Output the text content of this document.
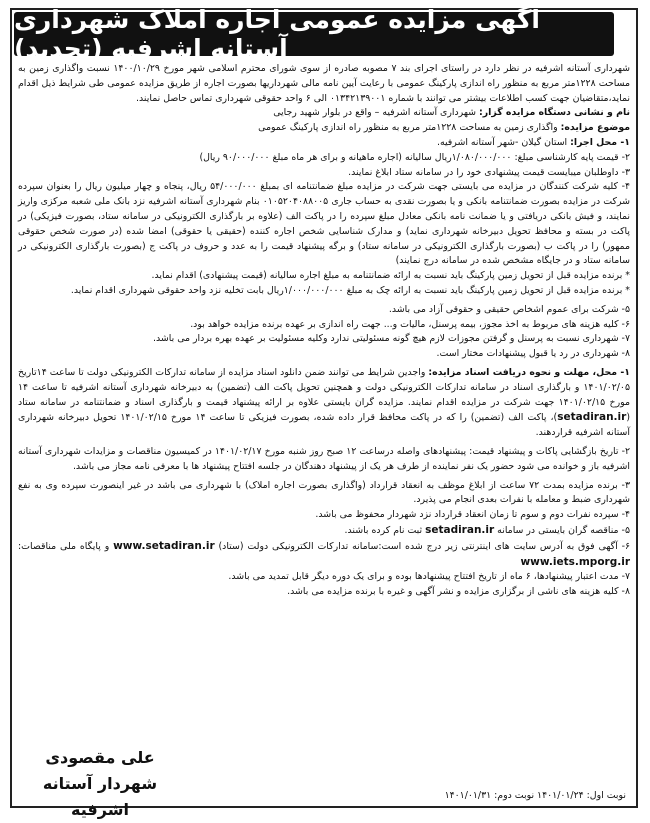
آگهی مزایده عمومی اجاره املاک شهرداری آستانه اشرفیه (تجدید)

شهرداری آستانه اشرفیه در نظر دارد در راستای اجرای بند ۷ مصوبه صادره از سوی شورای محترم اسلامی شهر مورخ ۱۴۰۰/۱۰/۲۹ نسبت واگذاری زمین به مساحت ۱۲۲۸متر مربع به منظور راه اندازی پارکینگ عمومی با رعایت آیین نامه مالی شهرداریها بصورت اجاره از طریق مزایده عمومی طی شرایط ذیل اقدام نماید،متقاضیان جهت کسب اطلاعات بیشتر می توانند با شماره ۰۱۳۴۲۱۳۹۰۰۱ الی ۶ واحد حقوقی شهرداری تماس حاصل نمایند.

نام و نشانی دستگاه مزایده گزار: شهرداری آستانه اشرفیه – واقع در بلوار شهید رجایی

موضوع مزایده: واگذاری زمین به مساحت ۱۲۲۸متر مربع به منظور راه اندازی پارکینگ عمومی

۱- محل اجرا: استان گیلان -شهر آستانه اشرفیه.

۲- قیمت پایه کارشناسی مبلغ: ۱/۰۸۰/۰۰۰/۰۰۰ریال سالیانه (اجاره ماهیانه و برای هر ماه مبلغ ۹۰/۰۰۰/۰۰۰ ریال)

۳- داوطلبان میبایست قیمت پیشنهادی خود را در سامانه ستاد ابلاغ نمایند.

۴- کلیه شرکت کنندگان در مزایده می بایستی جهت شرکت در مزایده مبلغ ضمانتنامه ای بمبلغ ۵۴/۰۰۰/۰۰۰ ریال، پنجاه و چهار میلیون ریال را بعنوان سپرده شرکت در مزایده بصورت ضمانتنامه بانکی و یا بصورت نقدی به حساب جاری ۰۱۰۵۲۰۴۰۸۸۰۰۵ بنام شهرداری آستانه اشرفیه نزد بانک ملی شعبه مرکزی واریز نمایند، و فیش بانکی دریافتی و یا ضمانت نامه بانکی معادل مبلغ سپرده را در پاکت الف (علاوه بر بارگذاری الکترونیکی در سامانه ستاد، بصورت فیزیکی) در پاکت در بسته و محافظ تحویل دبیرخانه شهرداری نماید) و مدارک شناسایی شخص اجاره کننده (حقیقی یا حقوقی) امضا شده (در صورت شخص حقوقی ممهور) را در پاکت ب (بصورت بارگذاری الکترونیکی در سامانه ستاد) و برگه پیشنهاد قیمت را به عدد و حروف در پاکت ج (بصورت بارگذاری الکترونیکی در سامانه ستاد و در جایگاه مشخص شده در سامانه درج نمایند)

* برنده مزایده قبل از تحویل زمین پارکینگ باید نسبت به ارائه ضمانتنامه به مبلغ اجاره سالیانه (قیمت پیشنهادی) اقدام نماید.

* برنده مزایده قبل از تحویل زمین پارکینگ باید نسبت به ارائه چک به مبلغ ۱/۰۰۰/۰۰۰/۰۰۰ریال بابت تخلیه نزد واحد حقوقی شهرداری اقدام نماید.

۵- شرکت برای عموم اشخاص حقیقی و حقوقی آزاد می باشد.

۶- کلیه هزینه های مربوط به اخذ مجوز، بیمه پرسنل، مالیات و... جهت راه اندازی بر عهده برنده مزایده خواهد بود.

۷- شهرداری نسبت به پرسنل و گرفتن مجوزات لازم هیچ گونه مسئولیتی ندارد وکلیه مسئولیت بر عهده بهره بردار می باشد.

۸- شهرداری در رد یا قبول پیشنهادات مختار است.

۱- محل، مهلت و نحوه دریافت اسناد مزایده: واجدین شرایط می توانند ضمن دانلود اسناد مزایده از سامانه تدارکات الکترونیکی دولت تا ساعت ۱۴تاریخ ۱۴۰۱/۰۲/۰۵ و بارگذاری اسناد در سامانه تدارکات الکترونیکی دولت و همچنین تحویل پاکت الف (تضمین) به دبیرخانه شهرداری آستانه اشرفیه تا ساعت ۱۴ مورخ ۱۴۰۱/۰۲/۱۵ جهت شرکت در مزایده اقدام نمایند. مزایده گران بایستی علاوه بر ارائه پیشنهاد قیمت و بارگذاری اسناد و ضمانتنامه در سامانه ستاد (setadiran.ir)، پاکت الف (تضمین) را که در پاکت محافظ قرار داده شده، بصورت فیزیکی تا ساعت ۱۴ مورخ ۱۴۰۱/۰۲/۱۵ تحویل دبیرخانه شهرداری آستانه اشرفیه قراردهند.

۲- تاریخ بازگشایی پاکات و پیشنهاد قیمت: پیشنهادهای واصله درساعت ۱۲ صبح روز شنبه مورخ ۱۴۰۱/۰۲/۱۷ در کمیسیون مناقصات و مزایدات شهرداری آستانه اشرفیه باز و خوانده می شود حضور یک نفر نماینده از طرف هر یک از پیشنهاد دهندگان در جلسه افتتاح پیشنهاد ها با معرفی نامه مجاز می باشد.

۳- برنده مزایده بمدت ۷۲ ساعت از ابلاغ موظف به انعقاد قرارداد (واگذاری بصورت اجاره املاک) با شهرداری می باشد در غیر اینصورت سپرده وی به نفع شهرداری ضبط و معامله با نفرات بعدی انجام می پذیرد.

۴- سپرده نفرات دوم و سوم تا زمان انعقاد قرارداد نزد شهردار محفوظ می باشد.

۵- مناقصه گران بایستی در سامانه setadiran.ir ثبت نام کرده باشند.

۶- آگهی فوق به آدرس سایت های اینترنتی زیر درج شده است:سامانه تدارکات الکترونیکی دولت (ستاد) www.setadiran.ir و پایگاه ملی مناقصات: www.iets.mporg.ir

۷- مدت اعتبار پیشنهادها، ۶ ماه از تاریخ افتتاح پیشنهادها بوده و برای یک دوره دیگر قابل تمدید می باشد.

۸- کلیه هزینه های ناشی از برگزاری مزایده و نشر آگهی و غیره با برنده مزایده می باشد.

علی مقصودی
شهردار آستانه اشرفیه
نوبت اول: ۱۴۰۱/۰۱/۲۴ نوبت دوم: ۱۴۰۱/۰۱/۳۱
